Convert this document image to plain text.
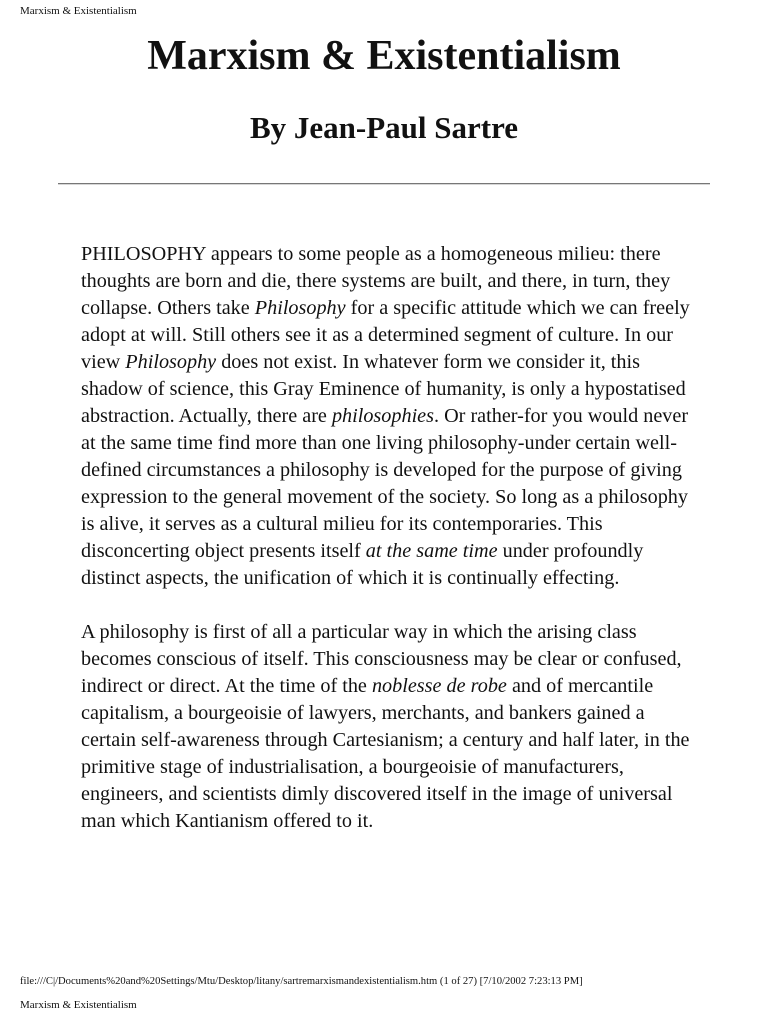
Marxism & Existentialism
Marxism & Existentialism
By Jean-Paul Sartre

PHILOSOPHY appears to some people as a homogeneous milieu: there thoughts are born and die, there systems are built, and there, in turn, they collapse. Others take Philosophy for a specific attitude which we can freely adopt at will. Still others see it as a determined segment of culture. In our view Philosophy does not exist. In whatever form we consider it, this shadow of science, this Gray Eminence of humanity, is only a hypostatised abstraction. Actually, there are philosophies. Or rather-for you would never at the same time find more than one living philosophy-under certain well-defined circumstances a philosophy is developed for the purpose of giving expression to the general movement of the society. So long as a philosophy is alive, it serves as a cultural milieu for its contemporaries. This disconcerting object presents itself at the same time under profoundly distinct aspects, the unification of which it is continually effecting.

A philosophy is first of all a particular way in which the arising class becomes conscious of itself. This consciousness may be clear or confused, indirect or direct. At the time of the noblesse de robe and of mercantile capitalism, a bourgeoisie of lawyers, merchants, and bankers gained a certain self-awareness through Cartesianism; a century and half later, in the primitive stage of industrialisation, a bourgeoisie of manufacturers, engineers, and scientists dimly discovered itself in the image of universal man which Kantianism offered to it.

file:///C|/Documents%20and%20Settings/Mtu/Desktop/litany/sartremarxismandexistentialism.htm (1 of 27) [7/10/2002 7:23:13 PM]
Marxism & Existentialism
